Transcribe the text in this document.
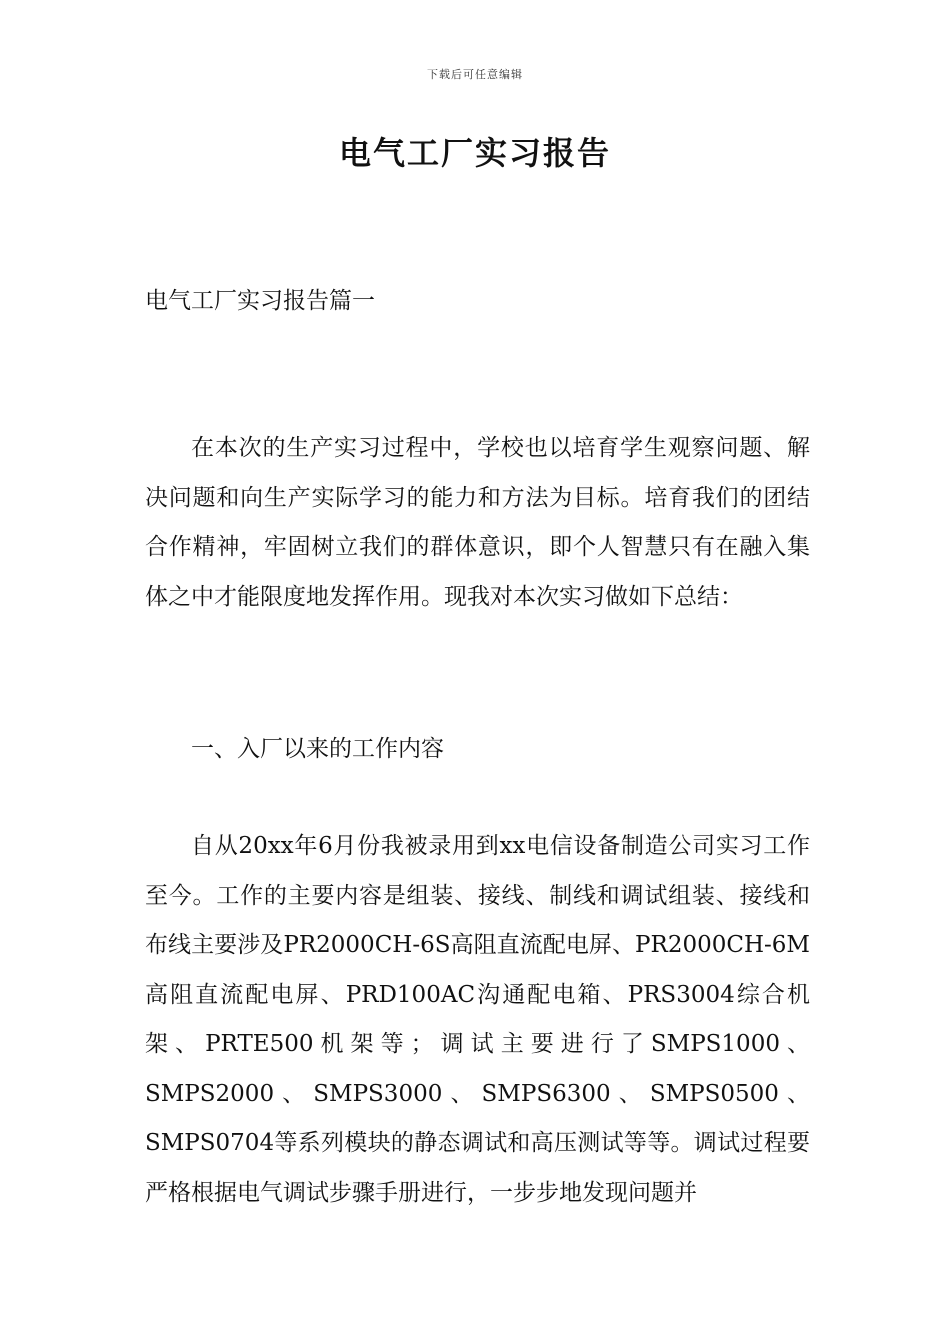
下载后可任意编辑
电气工厂实习报告
电气工厂实习报告篇一

在本次的生产实习过程中，学校也以培育学生观察问题、解决问题和向生产实际学习的能力和方法为目标。培育我们的团结合作精神，牢固树立我们的群体意识，即个人智慧只有在融入集体之中才能限度地发挥作用。现我对本次实习做如下总结：

一、入厂以来的工作内容

自从20xx年6月份我被录用到xx电信设备制造公司实习工作至今。工作的主要内容是组装、接线、制线和调试组装、接线和布线主要涉及PR2000CH-6S高阻直流配电屏、PR2000CH-6M高阻直流配电屏、PRD100AC沟通配电箱、PRS3004综合机架、PRTE500机架等；调试主要进行了SMPS1000、SMPS2000、SMPS3000、SMPS6300、SMPS0500、SMPS0704等系列模块的静态调试和高压测试等等。调试过程要严格根据电气调试步骤手册进行，一步步地发现问题并
